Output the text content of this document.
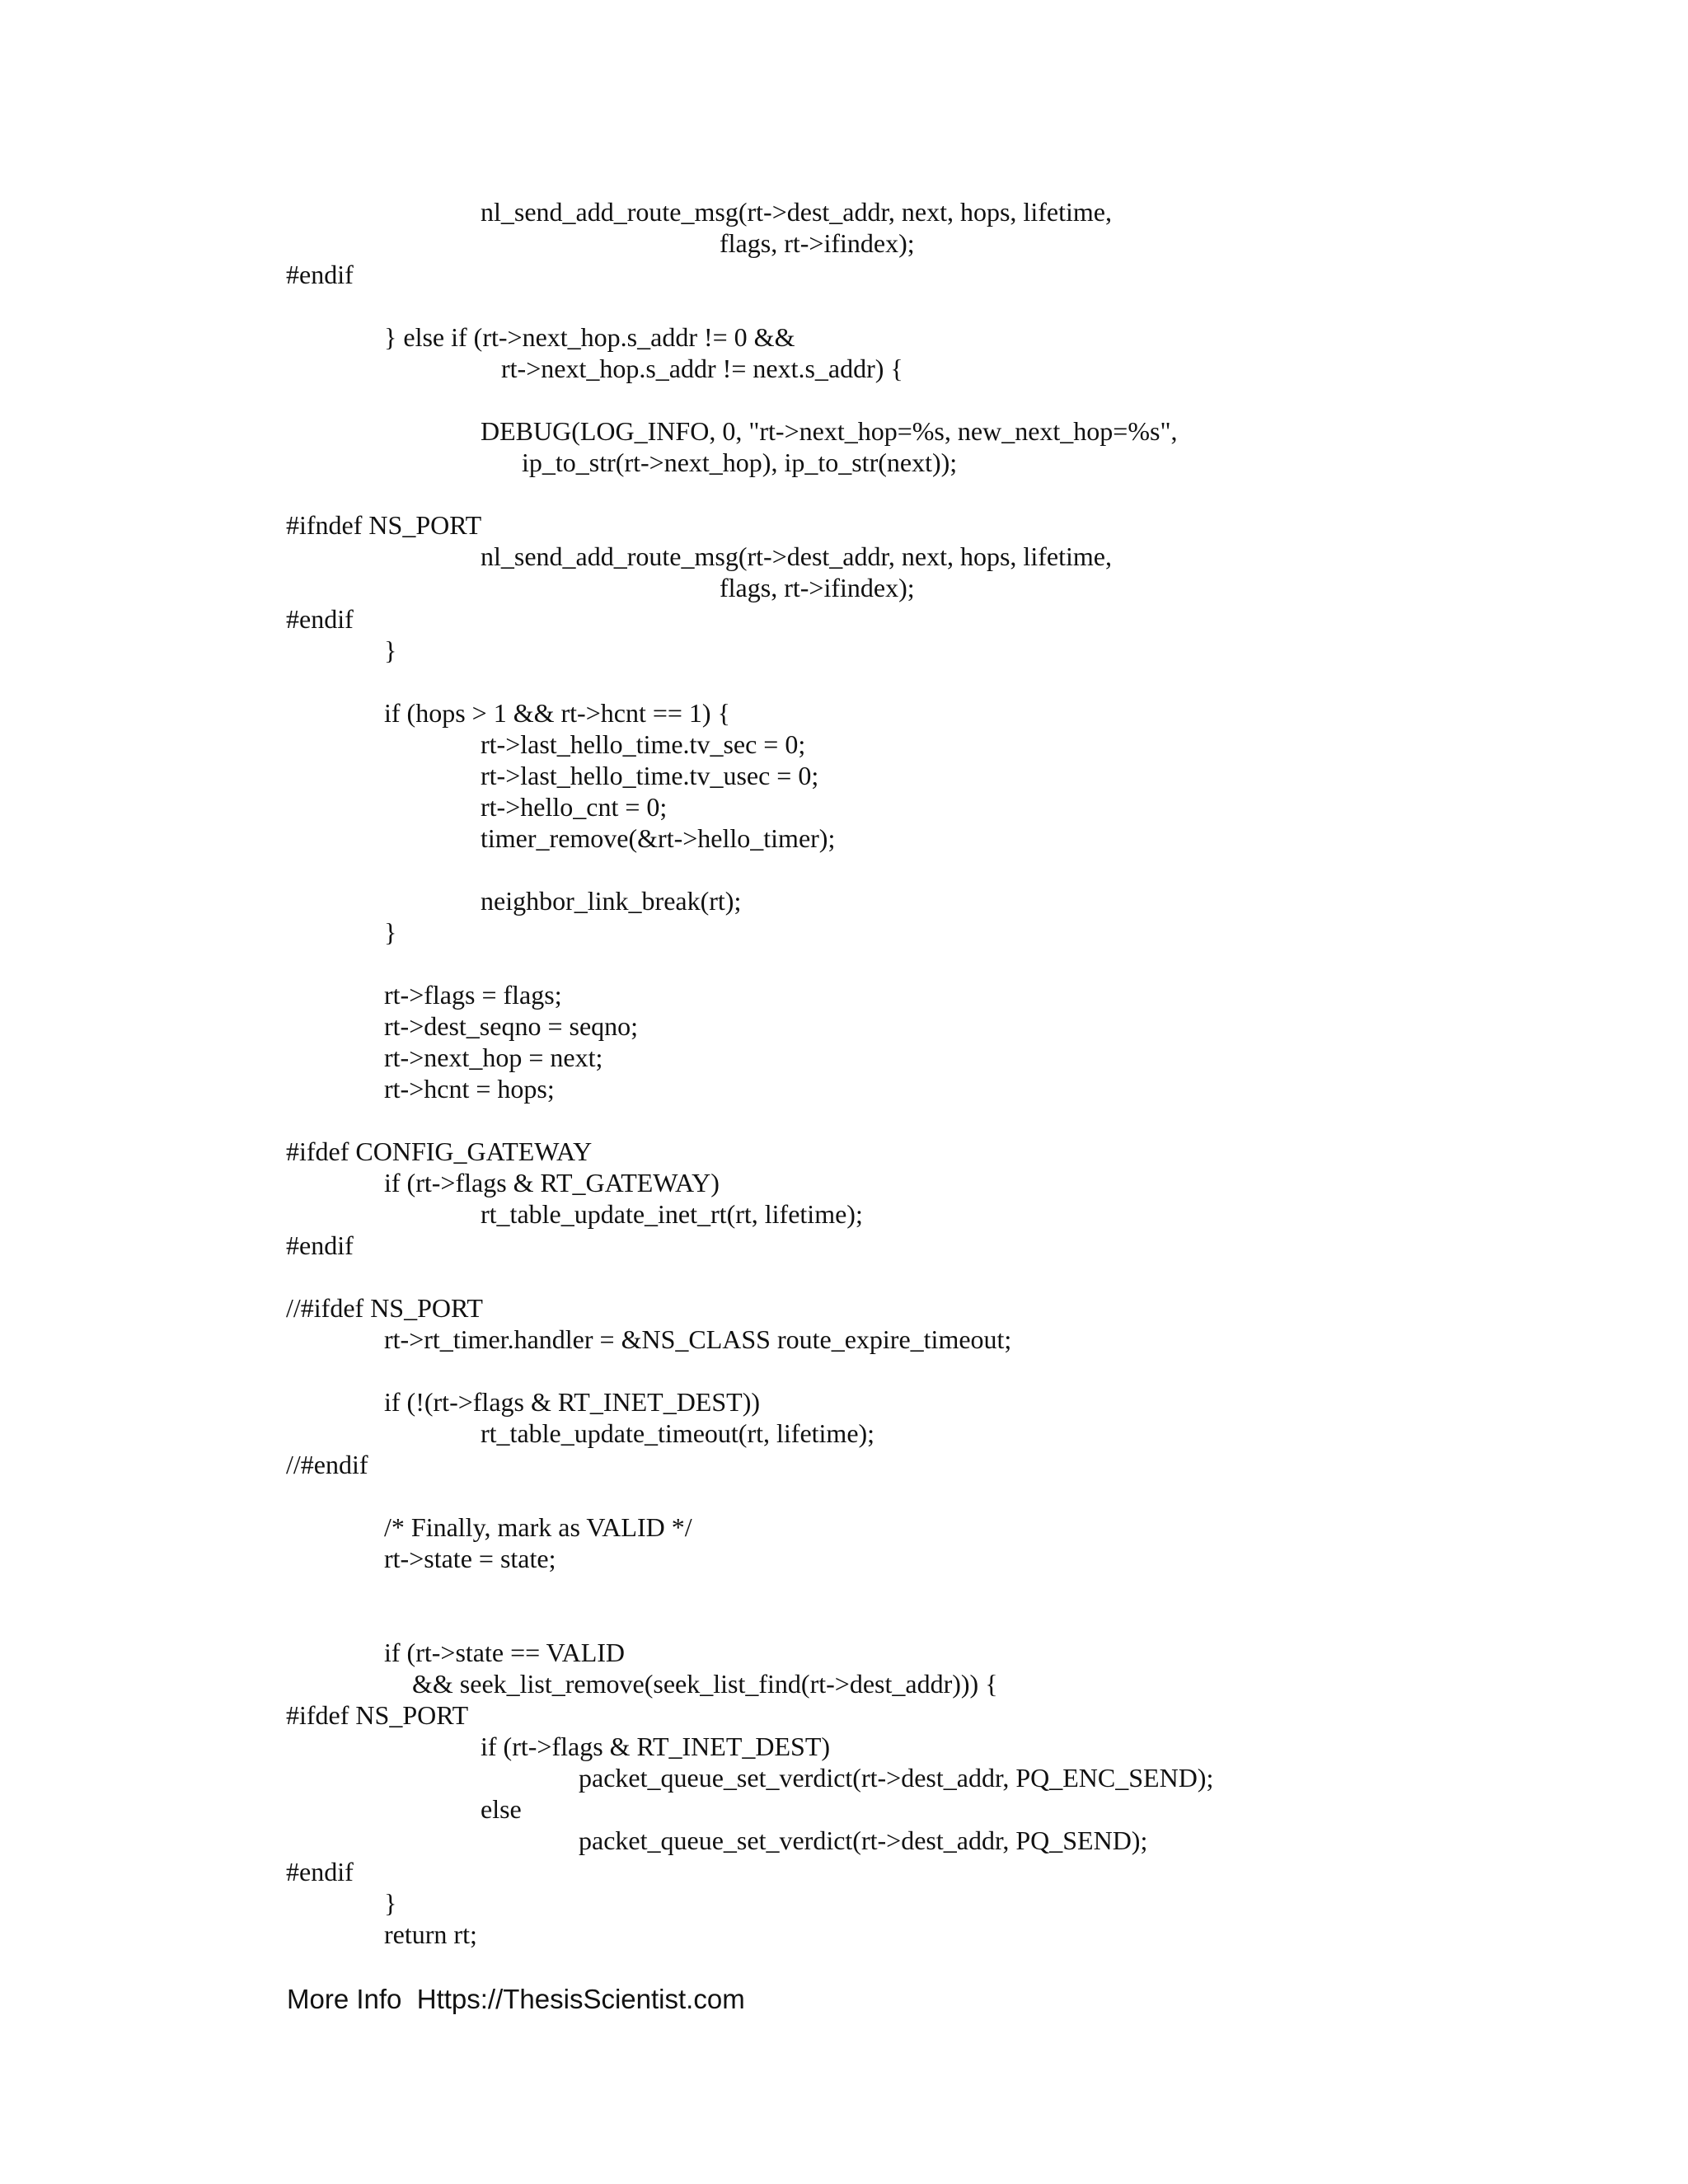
nl_send_add_route_msg(rt->dest_addr, next, hops, lifetime,
flags, rt->ifindex);
#endif
} else if (rt->next_hop.s_addr != 0 &&
rt->next_hop.s_addr != next.s_addr) {
DEBUG(LOG_INFO, 0, "rt->next_hop=%s, new_next_hop=%s",
ip_to_str(rt->next_hop), ip_to_str(next));
#ifndef NS_PORT
nl_send_add_route_msg(rt->dest_addr, next, hops, lifetime,
flags, rt->ifindex);
#endif
}
if (hops > 1 && rt->hcnt == 1) {
rt->last_hello_time.tv_sec = 0;
rt->last_hello_time.tv_usec = 0;
rt->hello_cnt = 0;
timer_remove(&rt->hello_timer);
neighbor_link_break(rt);
}
rt->flags = flags;
rt->dest_seqno = seqno;
rt->next_hop = next;
rt->hcnt = hops;
#ifdef CONFIG_GATEWAY
if (rt->flags & RT_GATEWAY)
rt_table_update_inet_rt(rt, lifetime);
#endif
//#ifdef NS_PORT
rt->rt_timer.handler = &NS_CLASS route_expire_timeout;
if (!(rt->flags & RT_INET_DEST))
rt_table_update_timeout(rt, lifetime);
//#endif
/* Finally, mark as VALID */
rt->state = state;
if (rt->state == VALID
&& seek_list_remove(seek_list_find(rt->dest_addr))) {
#ifdef NS_PORT
if (rt->flags & RT_INET_DEST)
packet_queue_set_verdict(rt->dest_addr, PQ_ENC_SEND);
else
packet_queue_set_verdict(rt->dest_addr, PQ_SEND);
#endif
}
return rt;
More Info  Https://ThesisScientist.com
